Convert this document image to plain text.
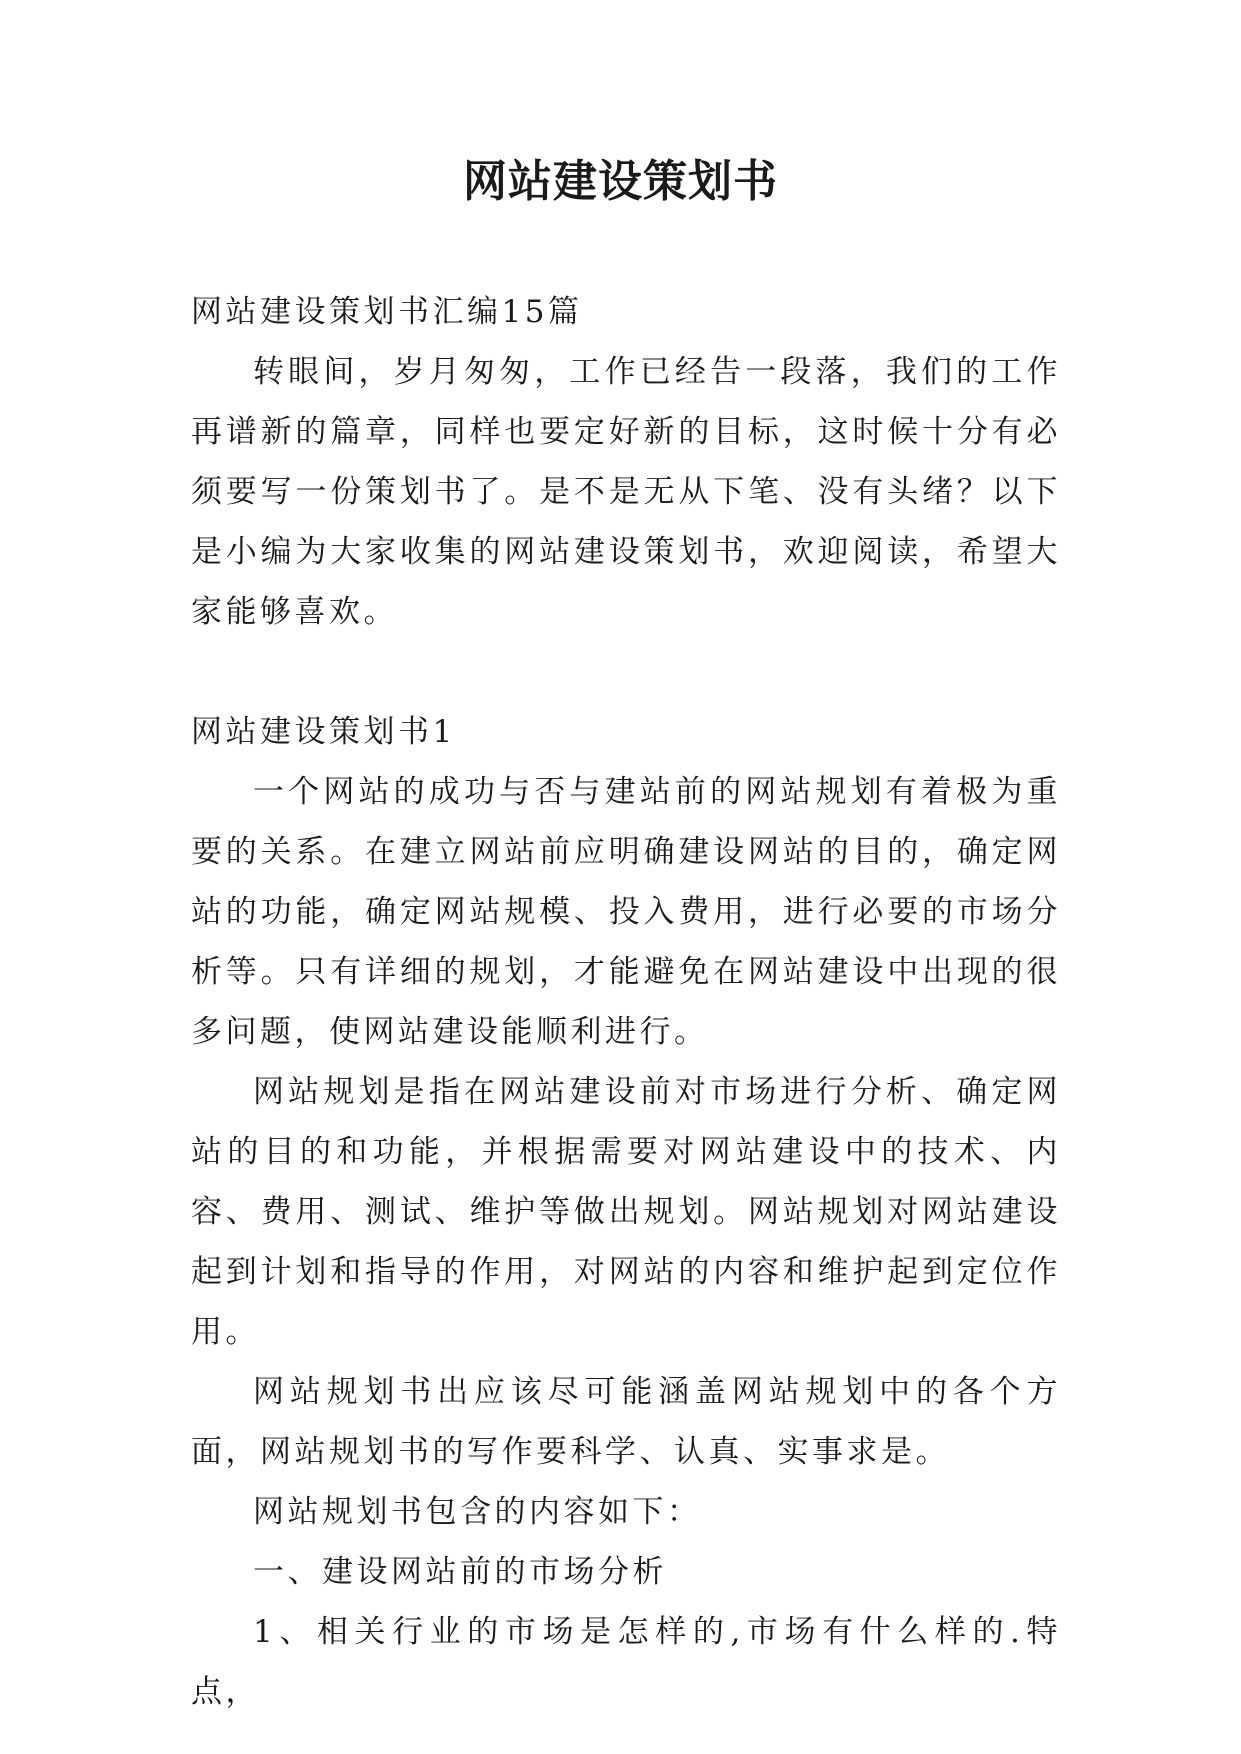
网站建设策划书

网站建设策划书汇编15篇

转眼间，岁月匆匆，工作已经告一段落，我们的工作再谱新的篇章，同样也要定好新的目标，这时候十分有必须要写一份策划书了。是不是无从下笔、没有头绪？以下是小编为大家收集的网站建设策划书，欢迎阅读，希望大家能够喜欢。

网站建设策划书1

一个网站的成功与否与建站前的网站规划有着极为重要的关系。在建立网站前应明确建设网站的目的，确定网站的功能，确定网站规模、投入费用，进行必要的市场分析等。只有详细的规划，才能避免在网站建设中出现的很多问题，使网站建设能顺利进行。

网站规划是指在网站建设前对市场进行分析、确定网站的目的和功能，并根据需要对网站建设中的技术、内容、费用、测试、维护等做出规划。网站规划对网站建设起到计划和指导的作用，对网站的内容和维护起到定位作用。

网站规划书出应该尽可能涵盖网站规划中的各个方面，网站规划书的写作要科学、认真、实事求是。

网站规划书包含的内容如下：

一、建设网站前的市场分析

1、相关行业的市场是怎样的,市场有什么样的.特点，
